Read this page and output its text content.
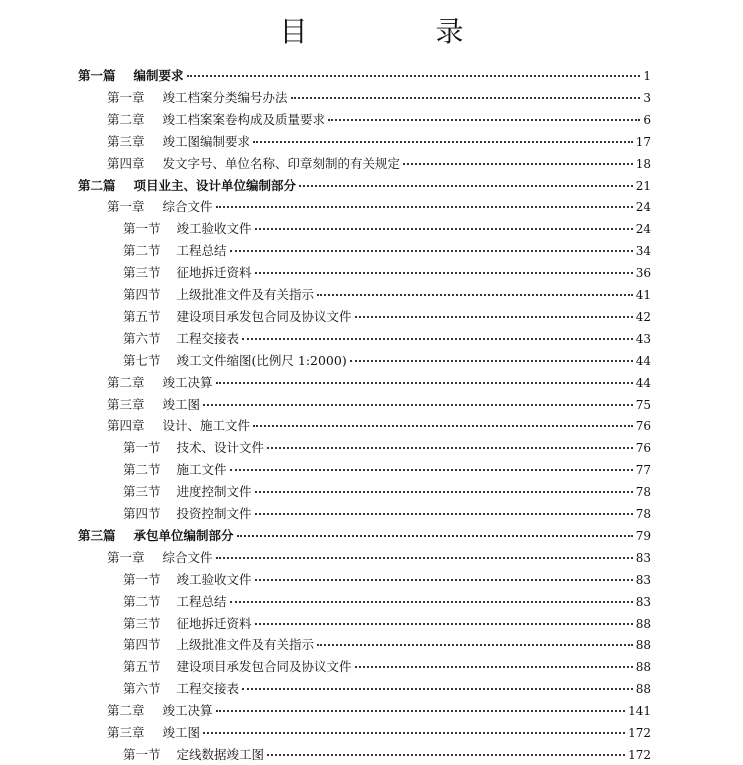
目　录
第一篇 编制要求	1
第一章 竣工档案分类编号办法	3
第二章 竣工档案案卷构成及质量要求	6
第三章 竣工图编制要求	17
第四章 发文字号、单位名称、印章刻制的有关规定	18
第二篇 项目业主、设计单位编制部分	21
第一章 综合文件	24
第一节 竣工验收文件	24
第二节 工程总结	34
第三节 征地拆迁资料	36
第四节 上级批准文件及有关指示	41
第五节 建设项目承发包合同及协议文件	42
第六节 工程交接表	43
第七节 竣工文件缩图(比例尺 1:2000)	44
第二章 竣工决算	44
第三章 竣工图	75
第四章 设计、施工文件	76
第一节 技术、设计文件	76
第二节 施工文件	77
第三节 进度控制文件	78
第四节 投资控制文件	78
第三篇 承包单位编制部分	79
第一章 综合文件	83
第一节 竣工验收文件	83
第二节 工程总结	83
第三节 征地拆迁资料	88
第四节 上级批准文件及有关指示	88
第五节 建设项目承发包合同及协议文件	88
第六节 工程交接表	88
第二章 竣工决算	141
第三章 竣工图	172
第一节 定线数据竣工图	172
